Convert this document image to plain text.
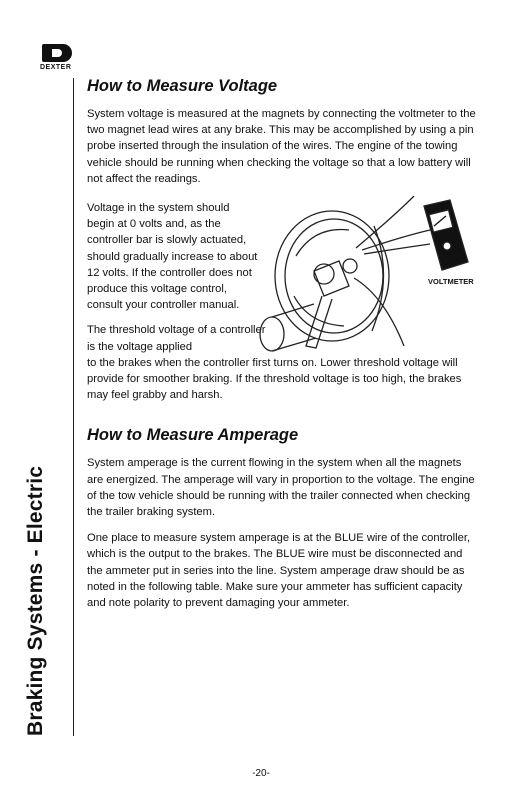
DEXTER
Braking Systems - Electric
How to Measure Voltage

System voltage is measured at the magnets by connecting the voltmeter to the two magnet lead wires at any brake. This may be accomplished by using a pin probe inserted through the insulation of the wires. The engine of the towing vehicle should be running when checking the voltage so that a low battery will not affect the readings.

Voltage in the system should begin at 0 volts and, as the controller bar is slowly actuated, should gradually increase to about 12 volts. If the controller does not produce this voltage control, consult your controller manual.

The threshold voltage of a controller is the voltage applied

to the brakes when the controller first turns on. Lower threshold voltage will provide for smoother braking. If the threshold voltage is too high, the brakes may feel grabby and harsh.

How to Measure Amperage

System amperage is the current flowing in the system when all the magnets are energized. The amperage will vary in proportion to the voltage. The engine of the tow vehicle should be running with the trailer connected when checking the trailer braking system.

One place to measure system amperage is at the BLUE wire of the controller, which is the output to the brakes. The BLUE wire must be disconnected and the ammeter put in series into the line. System amperage draw should be as noted in the following table. Make sure your ammeter has sufficient capacity and note polarity to prevent damaging your ammeter.

VOLTMETER
-20-
